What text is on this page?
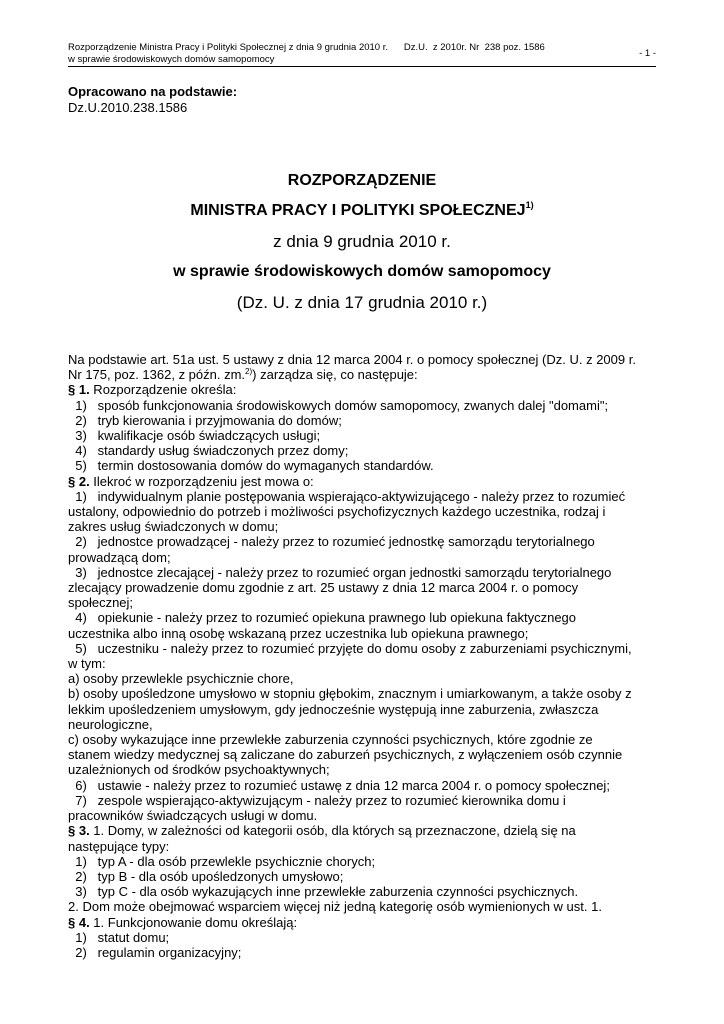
Rozporządzenie Ministra Pracy i Polityki Społecznej z dnia 9 grudnia 2010 r.      Dz.U.  z 2010r. Nr  238 poz. 1586
w sprawie środowiskowych domów samopomocy
- 1 -
Opracowano na podstawie:
Dz.U.2010.238.1586
ROZPORZĄDZENIE
MINISTRA PRACY I POLITYKI SPOŁECZNEJ$^{1)}$
z dnia 9 grudnia 2010 r.
w sprawie środowiskowych domów samopomocy
(Dz. U. z dnia 17 grudnia 2010 r.)
Na podstawie art. 51a ust. 5 ustawy z dnia 12 marca 2004 r. o pomocy społecznej (Dz. U. z 2009 r.
Nr 175, poz. 1362, z późn. zm.$^{2)}$) zarządza się, co następuje:
§ 1. Rozporządzenie określa:
1)   sposób funkcjonowania środowiskowych domów samopomocy, zwanych dalej "domami";
2)   tryb kierowania i przyjmowania do domów;
3)   kwalifikacje osób świadczących usługi;
4)   standardy usług świadczonych przez domy;
5)   termin dostosowania domów do wymaganych standardów.
§ 2. Ilekroć w rozporządzeniu jest mowa o:
1)   indywidualnym planie postępowania wspierająco-aktywizującego - należy przez to rozumieć
ustalony, odpowiednio do potrzeb i możliwości psychofizycznych każdego uczestnika, rodzaj i
zakres usług świadczonych w domu;
2)   jednostce prowadzącej - należy przez to rozumieć jednostkę samorządu terytorialnego
prowadzącą dom;
3)   jednostce zlecającej - należy przez to rozumieć organ jednostki samorządu terytorialnego
zlecający prowadzenie domu zgodnie z art. 25 ustawy z dnia 12 marca 2004 r. o pomocy
społecznej;
4)   opiekunie - należy przez to rozumieć opiekuna prawnego lub opiekuna faktycznego
uczestnika albo inną osobę wskazaną przez uczestnika lub opiekuna prawnego;
5)   uczestniku - należy przez to rozumieć przyjęte do domu osoby z zaburzeniami psychicznymi,
w tym:
a) osoby przewlekle psychicznie chore,
b) osoby upośledzone umysłowo w stopniu głębokim, znacznym i umiarkowanym, a także osoby z
lekkim upośledzeniem umysłowym, gdy jednocześnie występują inne zaburzenia, zwłaszcza
neurologiczne,
c) osoby wykazujące inne przewlekłe zaburzenia czynności psychicznych, które zgodnie ze
stanem wiedzy medycznej są zaliczane do zaburzeń psychicznych, z wyłączeniem osób czynnie
uzależnionych od środków psychoaktywnych;
6)   ustawie - należy przez to rozumieć ustawę z dnia 12 marca 2004 r. o pomocy społecznej;
7)   zespole wspierająco-aktywizującym - należy przez to rozumieć kierownika domu i
pracowników świadczących usługi w domu.
§ 3. 1. Domy, w zależności od kategorii osób, dla których są przeznaczone, dzielą się na
następujące typy:
1)   typ A - dla osób przewlekle psychicznie chorych;
2)   typ B - dla osób upośledzonych umysłowo;
3)   typ C - dla osób wykazujących inne przewlekłe zaburzenia czynności psychicznych.
2. Dom może obejmować wsparciem więcej niż jedną kategorię osób wymienionych w ust. 1.
§ 4. 1. Funkcjonowanie domu określają:
1)   statut domu;
2)   regulamin organizacyjny;
